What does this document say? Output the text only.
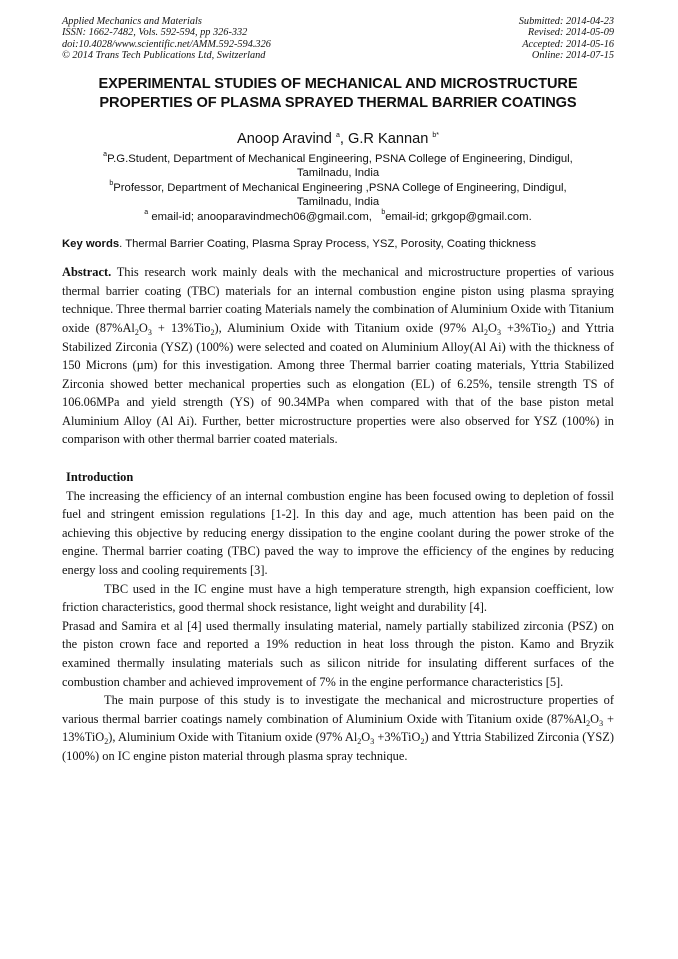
Applied Mechanics and Materials
ISSN: 1662-7482, Vols. 592-594, pp 326-332
doi:10.4028/www.scientific.net/AMM.592-594.326
© 2014 Trans Tech Publications Ltd, Switzerland
Submitted: 2014-04-23
Revised: 2014-05-09
Accepted: 2014-05-16
Online: 2014-07-15
EXPERIMENTAL STUDIES OF MECHANICAL AND MICROSTRUCTURE
PROPERTIES OF PLASMA SPRAYED THERMAL BARRIER COATINGS
Anoop Aravind $^a$, G.R Kannan $^{b*}$
$^a$P.G.Student, Department of Mechanical Engineering, PSNA College of Engineering, Dindigul,
Tamilnadu, India
$^b$Professor, Department of Mechanical Engineering ,PSNA College of Engineering, Dindigul,
Tamilnadu, India
$^a$ email-id; anooparavindmech06@gmail.com, $^b$email-id; grkgop@gmail.com.
Key words. Thermal Barrier Coating, Plasma Spray Process, YSZ, Porosity, Coating thickness
Abstract. This research work mainly deals with the mechanical and microstructure properties of various thermal barrier coating (TBC) materials for an internal combustion engine piston using plasma spraying technique. Three thermal barrier coating Materials namely the combination of Aluminium Oxide with Titanium oxide $(87\%Al_2O_3 + 13\%Tio_2)$, Aluminium Oxide with Titanium oxide (97% $Al_2O_3 +3\%Tio_2$) and Yttria Stabilized Zirconia (YSZ) (100%) were selected and coated on Aluminium Alloy(Al Ai) with the thickness of 150 Microns (µm) for this investigation. Among three Thermal barrier coating materials, Yttria Stabilized Zirconia showed better mechanical properties such as elongation (EL) of 6.25%, tensile strength TS of 106.06MPa and yield strength (YS) of 90.34MPa when compared with that of the base piston metal Aluminium Alloy (Al Ai). Further, better microstructure properties were also observed for YSZ (100%) in comparison with other thermal barrier coated materials.
Introduction

The increasing the efficiency of an internal combustion engine has been focused owing to depletion of fossil fuel and stringent emission regulations [1-2]. In this day and age, much attention has been paid on the achieving this objective by reducing energy dissipation to the engine coolant during the power stroke of the engine. Thermal barrier coating (TBC) paved the way to improve the efficiency of the engines by reducing energy loss and cooling requirements [3].

TBC used in the IC engine must have a high temperature strength, high expansion coefficient, low friction characteristics, good thermal shock resistance, light weight and durability [4].

Prasad and Samira et al [4] used thermally insulating material, namely partially stabilized zirconia (PSZ) on the piston crown face and reported a 19% reduction in heat loss through the piston. Kamo and Bryzik examined thermally insulating materials such as silicon nitride for insulating different surfaces of the combustion chamber and achieved improvement of 7% in the engine performance characteristics [5].

The main purpose of this study is to investigate the mechanical and microstructure properties of various thermal barrier coatings namely combination of Aluminium Oxide with Titanium oxide $(87\%Al_2O_3 + 13\%TiO_2)$, Aluminium Oxide with Titanium oxide (97% $Al_2O_3 +3\%TiO_2$) and Yttria Stabilized Zirconia (YSZ) (100%) on IC engine piston material through plasma spray technique.
